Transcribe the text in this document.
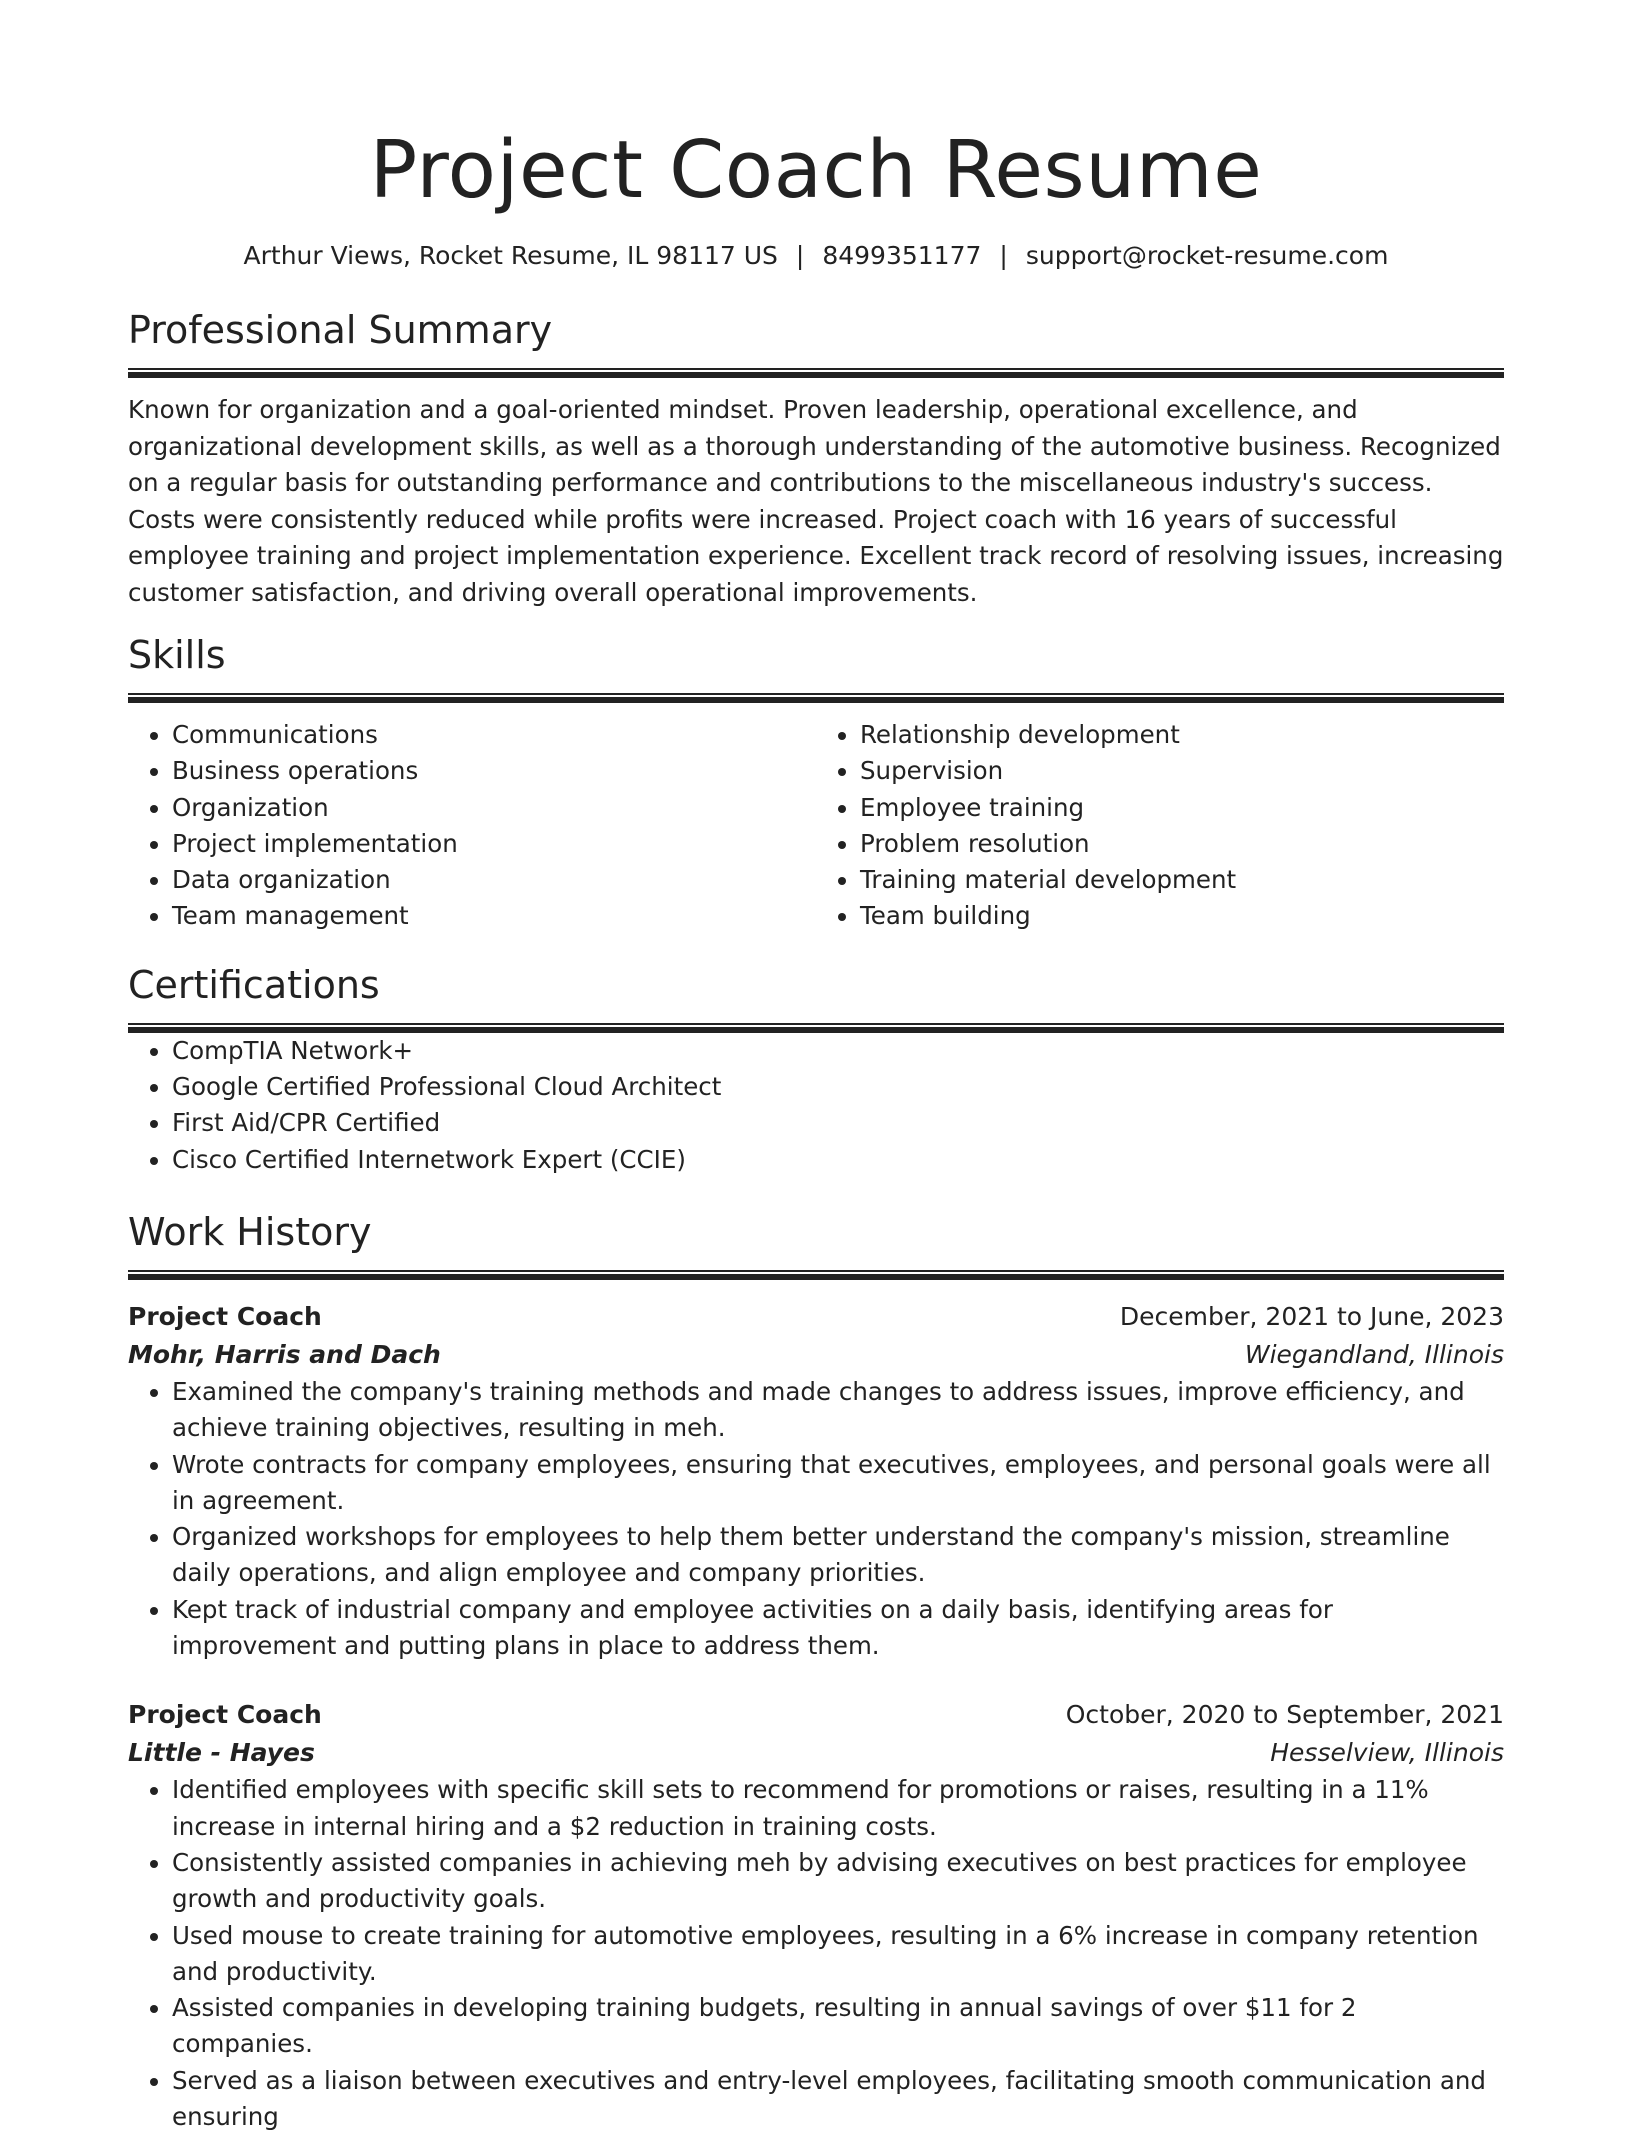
Project Coach Resume
Arthur Views, Rocket Resume, IL 98117 US | 8499351177 | support@rocket-resume.com
Professional Summary

Known for organization and a goal-oriented mindset. Proven leadership, operational excellence, and organizational development skills, as well as a thorough understanding of the automotive business. Recognized on a regular basis for outstanding performance and contributions to the miscellaneous industry's success. Costs were consistently reduced while profits were increased. Project coach with 16 years of successful employee training and project implementation experience. Excellent track record of resolving issues, increasing customer satisfaction, and driving overall operational improvements.

Skills
• Communications
• Business operations
• Organization
• Project implementation
• Data organization
• Team management
• Relationship development
• Supervision
• Employee training
• Problem resolution
• Training material development
• Team building
Certifications
• CompTIA Network+
• Google Certified Professional Cloud Architect
• First Aid/CPR Certified
• Cisco Certified Internetwork Expert (CCIE)
Work History
Project Coach	December, 2021 to June, 2023
Mohr, Harris and Dach	Wiegandland, Illinois
• Examined the company's training methods and made changes to address issues, improve efficiency, and achieve training objectives, resulting in meh.
• Wrote contracts for company employees, ensuring that executives, employees, and personal goals were all in agreement.
• Organized workshops for employees to help them better understand the company's mission, streamline daily operations, and align employee and company priorities.
• Kept track of industrial company and employee activities on a daily basis, identifying areas for improvement and putting plans in place to address them.
Project Coach	October, 2020 to September, 2021
Little - Hayes	Hesselview, Illinois
• Identified employees with specific skill sets to recommend for promotions or raises, resulting in a 11% increase in internal hiring and a $2 reduction in training costs.
• Consistently assisted companies in achieving meh by advising executives on best practices for employee growth and productivity goals.
• Used mouse to create training for automotive employees, resulting in a 6% increase in company retention and productivity.
• Assisted companies in developing training budgets, resulting in annual savings of over $11 for 2 companies.
• Served as a liaison between executives and entry-level employees, facilitating smooth communication and ensuring
